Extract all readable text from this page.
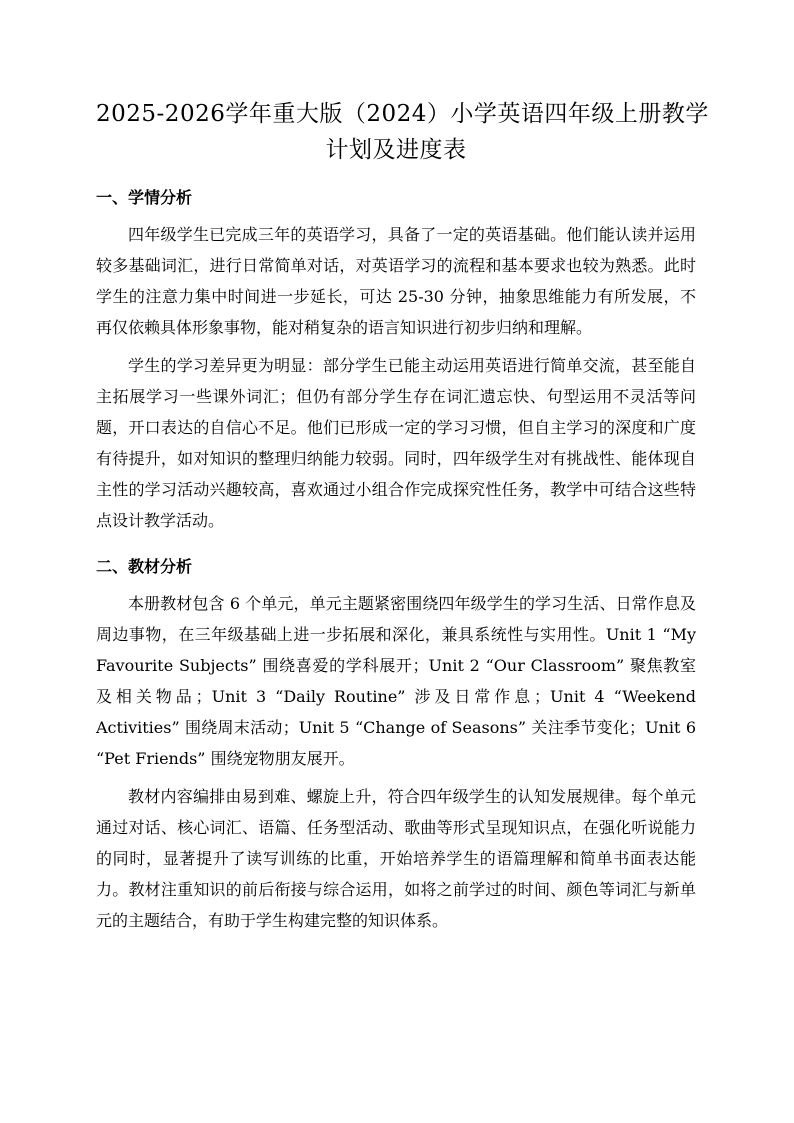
2025-2026学年重大版（2024）小学英语四年级上册教学
计划及进度表
一、学情分析

四年级学生已完成三年的英语学习，具备了一定的英语基础。他们能认读并运用较多基础词汇，进行日常简单对话，对英语学习的流程和基本要求也较为熟悉。此时学生的注意力集中时间进一步延长，可达 25-30 分钟，抽象思维能力有所发展，不再仅依赖具体形象事物，能对稍复杂的语言知识进行初步归纳和理解。

学生的学习差异更为明显：部分学生已能主动运用英语进行简单交流，甚至能自主拓展学习一些课外词汇；但仍有部分学生存在词汇遗忘快、句型运用不灵活等问题，开口表达的自信心不足。他们已形成一定的学习习惯，但自主学习的深度和广度有待提升，如对知识的整理归纳能力较弱。同时，四年级学生对有挑战性、能体现自主性的学习活动兴趣较高，喜欢通过小组合作完成探究性任务，教学中可结合这些特点设计教学活动。

二、教材分析

本册教材包含 6 个单元，单元主题紧密围绕四年级学生的学习生活、日常作息及周边事物，在三年级基础上进一步拓展和深化，兼具系统性与实用性。Unit 1 “My Favourite Subjects” 围绕喜爱的学科展开；Unit 2 “Our Classroom” 聚焦教室及相关物品；Unit 3 “Daily Routine” 涉及日常作息；Unit 4 “Weekend Activities” 围绕周末活动；Unit 5 “Change of Seasons” 关注季节变化；Unit 6 “Pet Friends” 围绕宠物朋友展开。

教材内容编排由易到难、螺旋上升，符合四年级学生的认知发展规律。每个单元通过对话、核心词汇、语篇、任务型活动、歌曲等形式呈现知识点，在强化听说能力的同时，显著提升了读写训练的比重，开始培养学生的语篇理解和简单书面表达能力。教材注重知识的前后衔接与综合运用，如将之前学过的时间、颜色等词汇与新单元的主题结合，有助于学生构建完整的知识体系。
